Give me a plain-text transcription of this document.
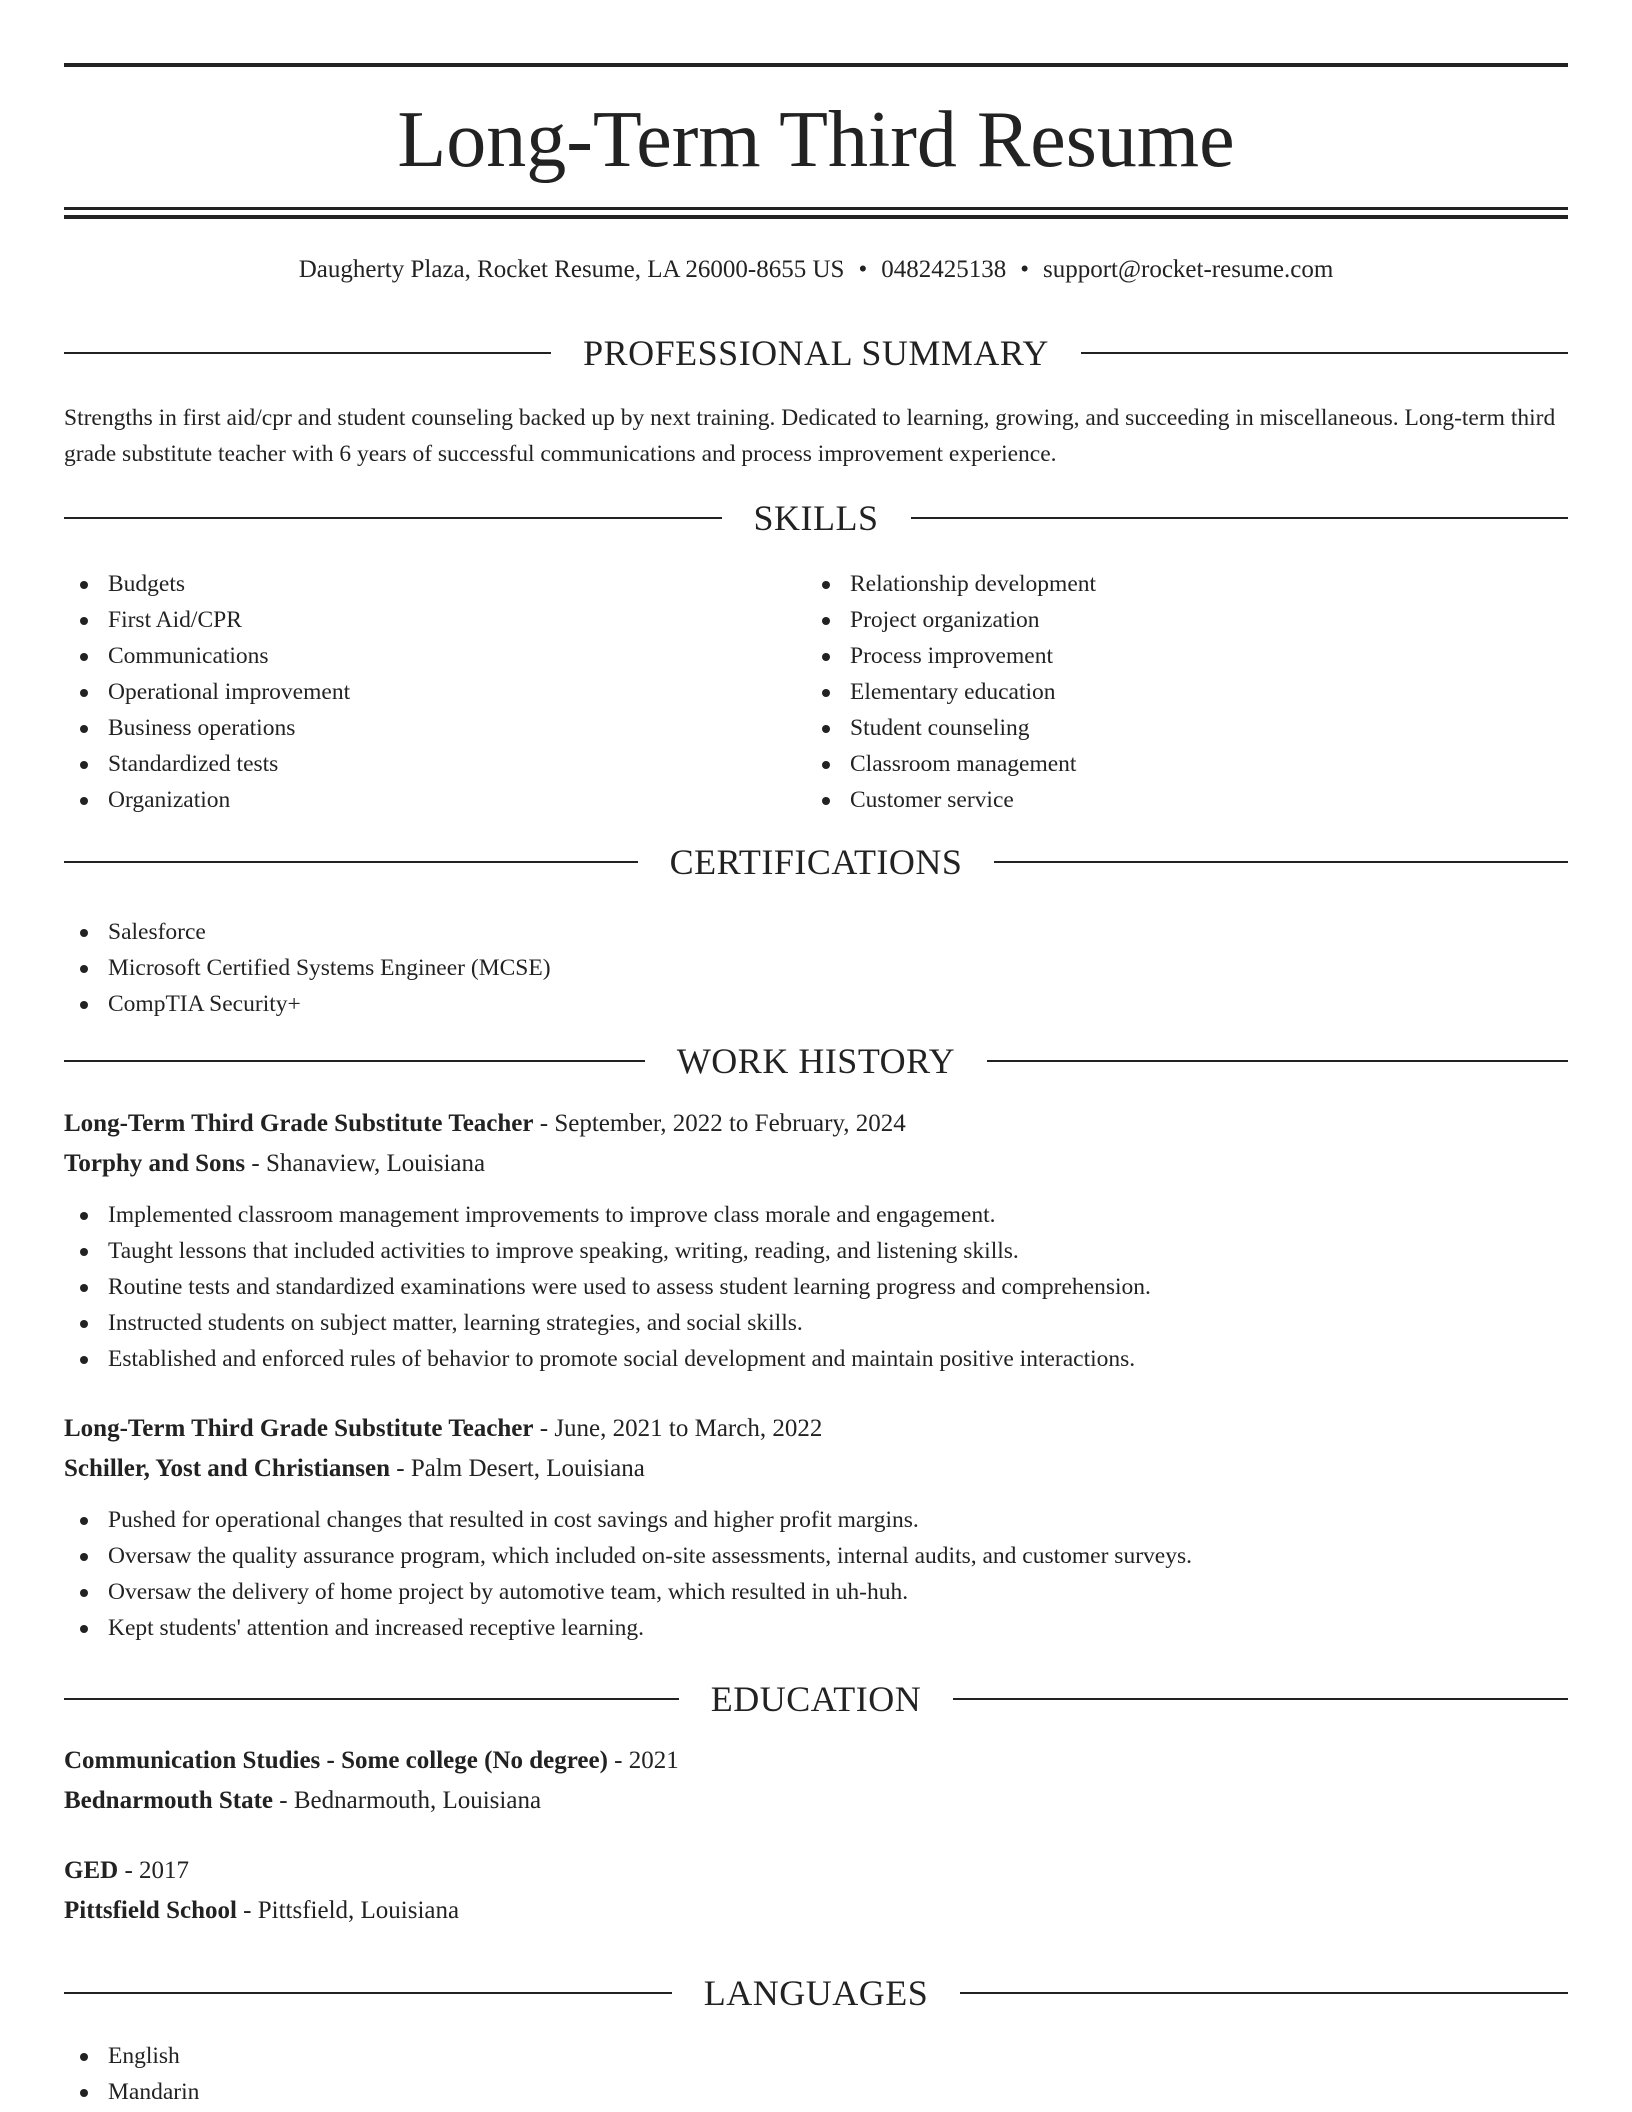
Long-Term Third Resume
Daugherty Plaza, Rocket Resume, LA 26000-8655 US • 0482425138 • support@rocket-resume.com
PROFESSIONAL SUMMARY

Strengths in first aid/cpr and student counseling backed up by next training. Dedicated to learning, growing, and succeeding in miscellaneous. Long-term third grade substitute teacher with 6 years of successful communications and process improvement experience.

SKILLS
Budgets
First Aid/CPR
Communications
Operational improvement
Business operations
Standardized tests
Organization
Relationship development
Project organization
Process improvement
Elementary education
Student counseling
Classroom management
Customer service
CERTIFICATIONS
Salesforce
Microsoft Certified Systems Engineer (MCSE)
CompTIA Security+
WORK HISTORY
Long-Term Third Grade Substitute Teacher - September, 2022 to February, 2024
Torphy and Sons - Shanaview, Louisiana
Implemented classroom management improvements to improve class morale and engagement.
Taught lessons that included activities to improve speaking, writing, reading, and listening skills.
Routine tests and standardized examinations were used to assess student learning progress and comprehension.
Instructed students on subject matter, learning strategies, and social skills.
Established and enforced rules of behavior to promote social development and maintain positive interactions.
Long-Term Third Grade Substitute Teacher - June, 2021 to March, 2022
Schiller, Yost and Christiansen - Palm Desert, Louisiana
Pushed for operational changes that resulted in cost savings and higher profit margins.
Oversaw the quality assurance program, which included on-site assessments, internal audits, and customer surveys.
Oversaw the delivery of home project by automotive team, which resulted in uh-huh.
Kept students' attention and increased receptive learning.
EDUCATION
Communication Studies - Some college (No degree) - 2021
Bednarmouth State - Bednarmouth, Louisiana
GED - 2017
Pittsfield School - Pittsfield, Louisiana
LANGUAGES
English
Mandarin
